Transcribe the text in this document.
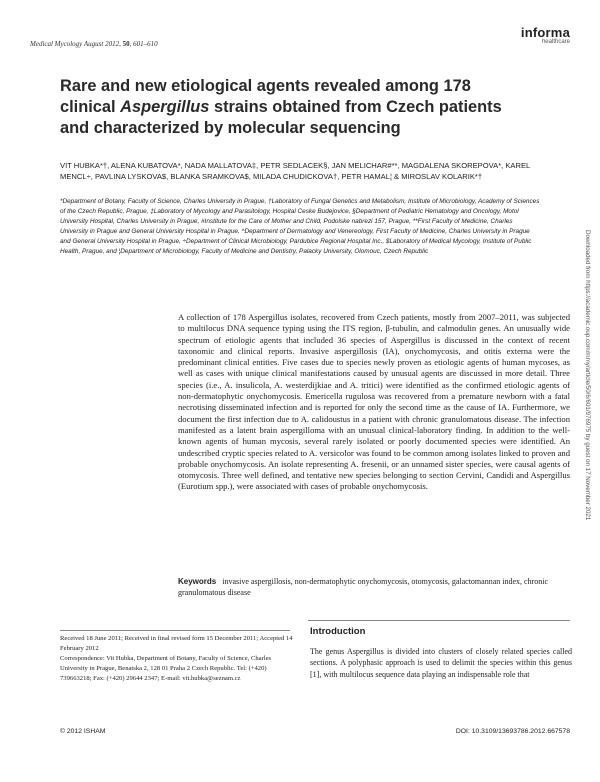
Medical Mycology August 2012, 50, 601–610
informa
healthcare
Rare and new etiological agents revealed among 178 clinical Aspergillus strains obtained from Czech patients and characterized by molecular sequencing
VIT HUBKA*†, ALENA KUBATOVA*, NADA MALLATOVA‡, PETR SEDLACEK§, JAN MELICHAR#**, MAGDALENA SKOREPOVA*, KAREL MENCL÷, PAVLINA LYSKOVA$, BLANKA SRAMKOVA$, MILADA CHUDICKOVA†, PETR HAMAL¦ & MIROSLAV KOLARIK*†
*Department of Botany, Faculty of Science, Charles University in Prague, †Laboratory of Fungal Genetics and Metabolism, Institute of Microbiology, Academy of Sciences of the Czech Republic, Prague, ‡Laboratory of Mycology and Parasitology, Hospital Ceske Budejovice, §Department of Pediatric Hematology and Oncology, Motol University Hospital, Charles University in Prague, #Institute for the Care of Mother and Child, Podolske nabrezi 157, Prague, **First Faculty of Medicine, Charles University in Prague and General University Hospital in Prague, ^Department of Dermatology and Venereology, First Faculty of Medicine, Charles University in Prague and General University Hospital in Prague, ÷Department of Clinical Microbiology, Pardubice Regional Hospital Inc., $Laboratory of Medical Mycology, Institute of Public Health, Prague, and ¦Department of Microbiology, Faculty of Medicine and Dentistry, Palacky University, Olomouc, Czech Republic
A collection of 178 Aspergillus isolates, recovered from Czech patients, mostly from 2007–2011, was subjected to multilocus DNA sequence typing using the ITS region, β-tubulin, and calmodulin genes. An unusually wide spectrum of etiologic agents that included 36 species of Aspergillus is discussed in the context of recent taxonomic and clinical reports. Invasive aspergillosis (IA), onychomycosis, and otitis externa were the predominant clinical entities. Five cases due to species newly proven as etiologic agents of human mycoses, as well as cases with unique clinical manifestations caused by unusual agents are discussed in more detail. Three species (i.e., A. insulicola, A. westerdijkiae and A. tritici) were identified as the confirmed etiologic agents of non-dermatophytic onychomycosis. Emericella rugulosa was recovered from a premature newborn with a fatal necrotising disseminated infection and is reported for only the second time as the cause of IA. Furthermore, we document the first infection due to A. calidoustus in a patient with chronic granulomatous disease. The infection manifested as a latent brain aspergilloma with an unusual clinical-laboratory finding. In addition to the well-known agents of human mycosis, several rarely isolated or poorly documented species were identified. An undescribed cryptic species related to A. versicolor was found to be common among isolates linked to proven and probable onychomycosis. An isolate representing A. fresenii, or an unnamed sister species, were causal agents of otomycosis. Three well defined, and tentative new species belonging to section Cervini, Candidi and Aspergillus (Eurotium spp.), were associated with cases of probable onychomycosis.
Keywords invasive aspergillosis, non-dermatophytic onychomycosis, otomycosis, galactomannan index, chronic granulomatous disease
Received 18 June 2011; Received in final revised form 15 December 2011; Accepted 14 February 2012
Correspondence: Vit Hubka, Department of Botany, Faculty of Science, Charles University in Prague, Benatska 2, 128 01 Praha 2 Czech Republic. Tel: (+420) 739663218; Fax: (+420) 29644 2347; E-mail: vit.hubka@seznam.cz
Introduction
The genus Aspergillus is divided into clusters of closely related species called sections. A polyphasic approach is used to delimit the species within this genus [1], with multilocus sequence data playing an indispensable role that
© 2012 ISHAM	DOI: 10.3109/13693786.2012.667578
Downloaded from https://academic.oup.com/mmy/article/50/6/601/976975 by guest on 17 November 2021
